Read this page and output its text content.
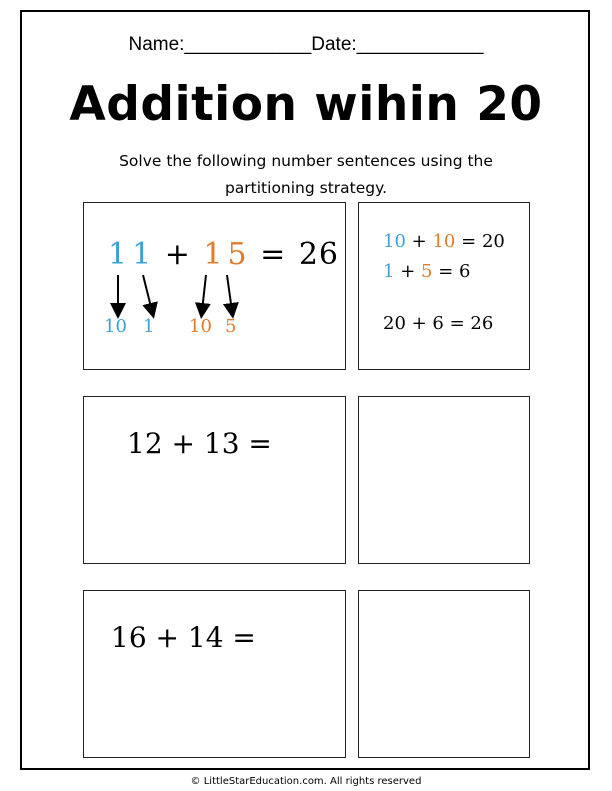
Name:____________Date:____________
Addition wihin 20
Solve the following number sentences using the partitioning strategy.
1 1 + 1 5 = 26
10 1 10 5
10 + 10 = 20
1 + 5 = 6
20 + 6 = 26
12 + 13 =
16 + 14 =
© LittleStarEducation.com. All rights reserved
